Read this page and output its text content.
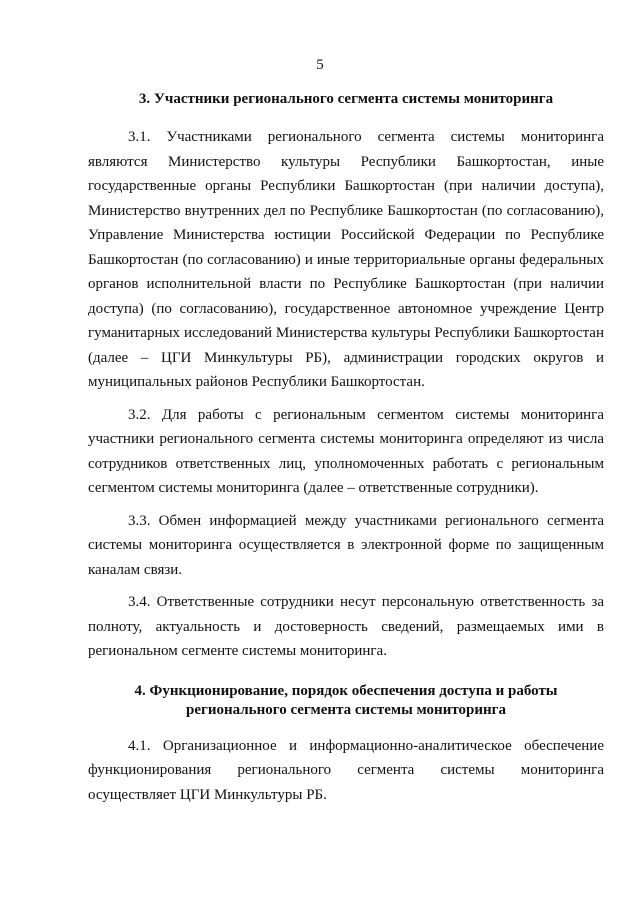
5
3. Участники регионального сегмента системы мониторинга

3.1. Участниками регионального сегмента системы мониторинга являются Министерство культуры Республики Башкортостан, иные государственные органы Республики Башкортостан (при наличии доступа), Министерство внутренних дел по Республике Башкортостан (по согласованию), Управление Министерства юстиции Российской Федерации по Республике Башкортостан (по согласованию) и иные территориальные органы федеральных органов исполнительной власти по Республике Башкортостан (при наличии доступа) (по согласованию), государственное автономное учреждение Центр гуманитарных исследований Министерства культуры Республики Башкортостан (далее – ЦГИ Минкультуры РБ), администрации городских округов и муниципальных районов Республики Башкортостан.

3.2. Для работы с региональным сегментом системы мониторинга участники регионального сегмента системы мониторинга определяют из числа сотрудников ответственных лиц, уполномоченных работать с региональным сегментом системы мониторинга (далее – ответственные сотрудники).

3.3. Обмен информацией между участниками регионального сегмента системы мониторинга осуществляется в электронной форме по защищенным каналам связи.

3.4. Ответственные сотрудники несут персональную ответственность за полноту, актуальность и достоверность сведений, размещаемых ими в региональном сегменте системы мониторинга.

4. Функционирование, порядок обеспечения доступа и работы
регионального сегмента системы мониторинга

4.1. Организационное и информационно-аналитическое обеспечение функционирования регионального сегмента системы мониторинга осуществляет ЦГИ Минкультуры РБ.
